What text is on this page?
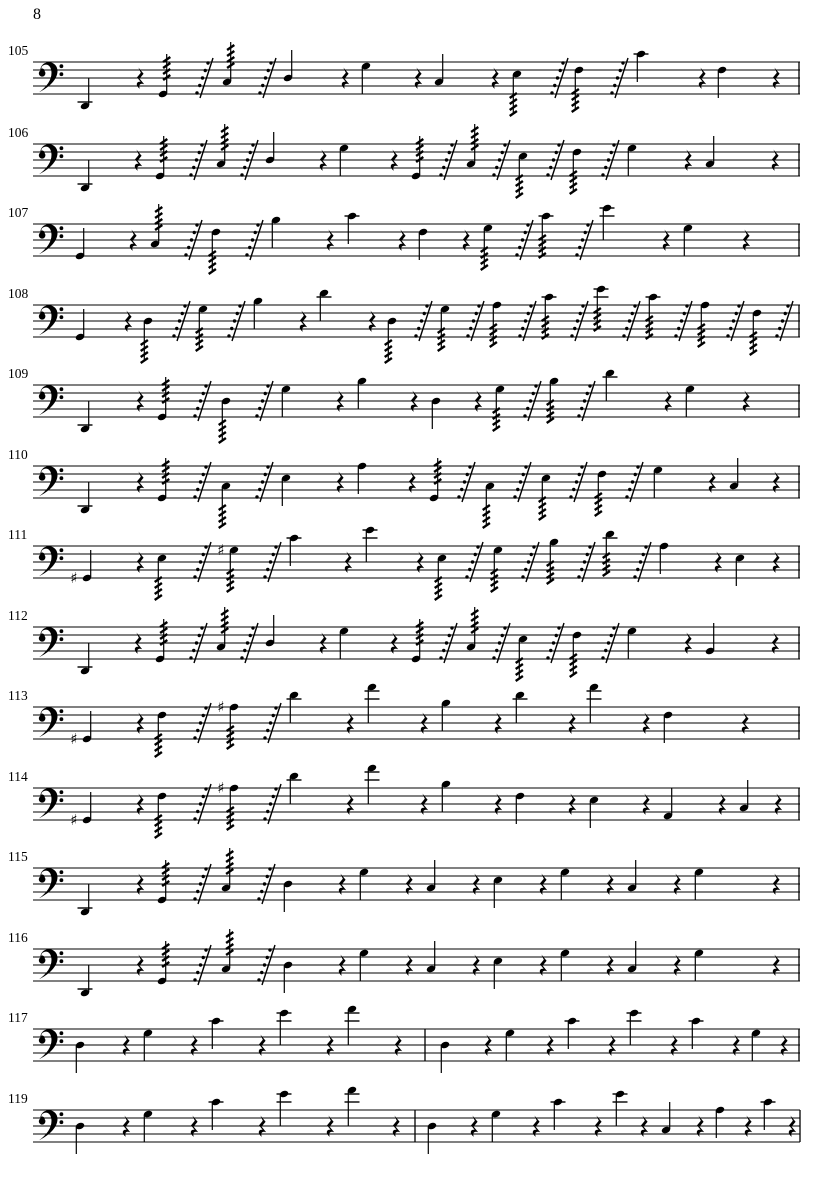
8
105
106
107
108
109
110
111
♯
♯
112
113
♯
♯
114
♯
♯
115
116
117
119
